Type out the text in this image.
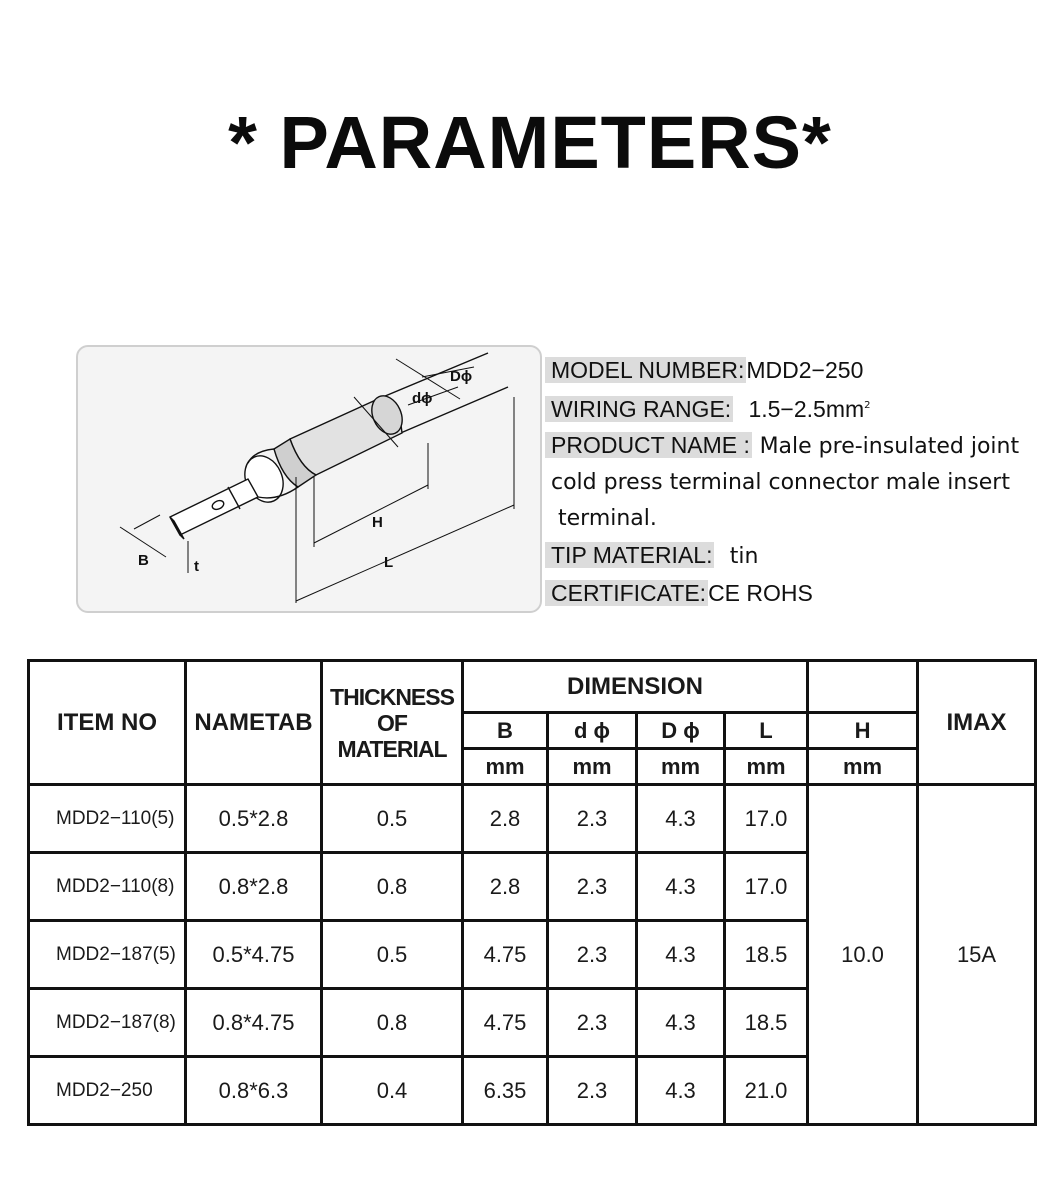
* PARAMETERS*
Dϕ
dϕ
H
B	L
t
MODEL NUMBER:MDD2−250
WIRING RANGE: $1.5-2.5mm^2$
PRODUCT NAME : Male pre-insulated joint
cold press terminal connector male insert
terminal.
TIP MATERIAL: tin
CERTIFICATE:CE ROHS
ITEM NO	NAMETAB	THICKNESS
OF
MATERIAL	DIMENSION					IMAX
			B	d ϕ	D ϕ	L	H	
			mm	mm	mm	mm	mm	
MDD2−110(5)	0.5*2.8	0.5	2.8	2.3	4.3	17.0	10.0	15A
MDD2−110(8)	0.8*2.8	0.8	2.8	2.3	4.3	17.0		
MDD2−187(5)	0.5*4.75	0.5	4.75	2.3	4.3	18.5		
MDD2−187(8)	0.8*4.75	0.8	4.75	2.3	4.3	18.5		
MDD2−250	0.8*6.3	0.4	6.35	2.3	4.3	21.0		
